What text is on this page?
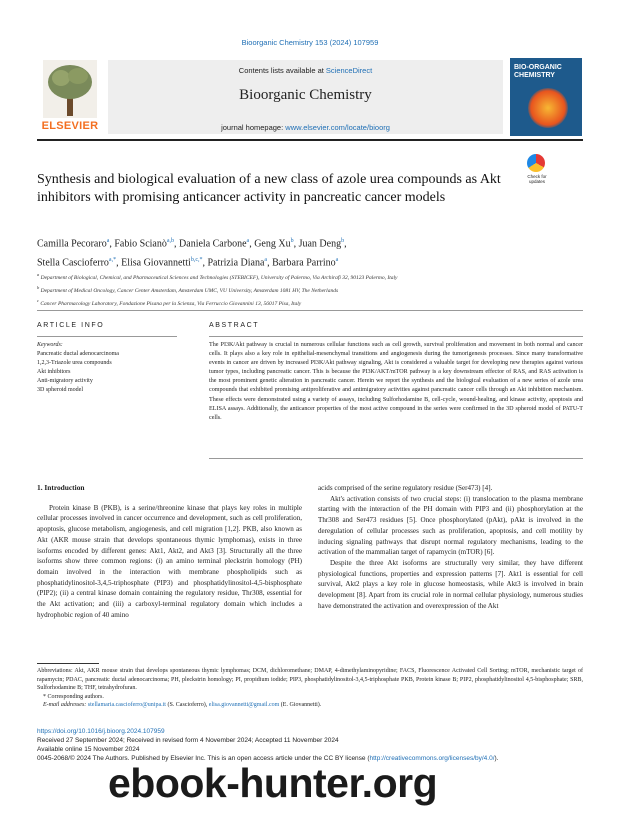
Bioorganic Chemistry 153 (2024) 107959
ELSEVIER
Contents lists available at ScienceDirect
Bioorganic Chemistry
journal homepage: www.elsevier.com/locate/bioorg
BIO-ORGANIC CHEMISTRY
Synthesis and biological evaluation of a new class of azole urea compounds as Akt inhibitors with promising anticancer activity in pancreatic cancer models
Check for updates
Camilla Pecoraro$^a$, Fabio Scianò$^{a,b}$, Daniela Carbone$^a$, Geng Xu$^b$, Juan Deng$^b$,
Stella Cascioferro$^{a,*}$, Elisa Giovannetti$^{b,c,*}$, Patrizia Diana$^a$, Barbara Parrino$^a$
$^a$ Department of Biological, Chemical, and Pharmaceutical Sciences and Technologies (STEBICEF), University of Palermo, Via Archirafi 32, 90123 Palermo, Italy
$^b$ Department of Medical Oncology, Cancer Center Amsterdam, Amsterdam UMC, VU University, Amsterdam 1081 HV, The Netherlands
$^c$ Cancer Pharmacology Laboratory, Fondazione Pisana per la Scienza, Via Ferruccio Giovannini 13, 56017 Pisa, Italy
ARTICLE INFO	ABSTRACT
Keywords:
Pancreatic ductal adenocarcinoma
1,2,3-Triazole urea compounds
Akt inhibitors
Anti-migratory activity
3D spheroid model
The PI3K/Akt pathway is crucial in numerous cellular functions such as cell growth, survival proliferation and movement in both normal and cancer cells. It plays also a key role in epithelial-mesenchymal transitions and angiogenesis during the tumorigenesis processes. Since many transformative events in cancer are driven by increased PI3K/Akt pathway signaling, Akt is considered a valuable target for developing new therapies against various tumor types, including pancreatic cancer. This is because the PI3K/AKT/mTOR pathway is a key downstream effector of RAS, and RAS activation is the most prominent genetic alteration in pancreatic cancer. Herein we report the synthesis and the biological evaluation of a new series of azole urea compounds that exhibited promising antiproliferative and antimigratory activities against pancreatic cancer cells through an Akt inhibition mechanism. These effects were demonstrated using a variety of assays, including Sulforhodamine B, cell-cycle, wound-healing, and kinase activity, apoptosis and ELISA assays. Additionally, the anticancer properties of the most active compound in the series were confirmed in the 3D spheroid model of PATU-T cells.
1. Introduction

Protein kinase B (PKB), is a serine/threonine kinase that plays key roles in multiple cellular processes involved in cancer occurrence and development, such as cell proliferation, apoptosis, glucose metabolism, angiogenesis, and cell migration [1,2]. PKB, also known as Akt (AKR mouse strain that develops spontaneous thymic lymphomas), exists in three isoforms encoded by different genes: Akt1, Akt2, and Akt3 [3]. Structurally all the three isoforms show three common regions: (i) an amino terminal pleckstrin homology (PH) domain involved in the interaction with membrane phospholipids such as phosphatidylinositol-3,4,5-triphosphate (PIP3) and phosphatidylinositol-4,5-bisphosphate (PIP2); (ii) a central kinase domain containing the regulatory residue, Thr308, essential for the Akt activation; and (iii) a carboxyl-terminal regulatory domain which includes a hydrophobic region of 40 amino

acids comprised of the serine regulatory residue (Ser473) [4].

Akt's activation consists of two crucial steps: (i) translocation to the plasma membrane starting with the interaction of the PH domain with PIP3 and (ii) phosphorylation at the Thr308 and Ser473 residues [5]. Once phosphorylated (pAkt), pAkt is involved in the deregulation of cellular processes such as proliferation, apoptosis, and cell motility by inducing signaling pathways that disrupt normal regulatory mechanisms, leading to the activation of the mammalian target of rapamycin (mTOR) [6].

Despite the three Akt isoforms are structurally very similar, they have different physiological functions, properties and expression patterns [7]. Akt1 is essential for cell survival, Akt2 plays a key role in glucose homeostasis, while Akt3 is involved in brain development [8]. Apart from its crucial role in normal cellular physiology, numerous studies have demonstrated the activation and overexpression of the Akt

Abbreviations: Akt, AKR mouse strain that develops spontaneous thymic lymphomas; DCM, dichloromethane; DMAP, 4-dimethylaminopyridine; FACS, Fluorescence Activated Cell Sorting; mTOR, mechanistic target of rapamycin; PDAC, pancreatic ductal adenocarcinoma; PH, pleckstrin homology; PI, propidium iodide; PIP3, phosphatidylinositol-3,4,5-triphosphate PKB, Protein kinase B; PIP2, phosphatidylinositol 4,5-bisphosphate; SRB, Sulforhodamine B; THF, tetrahydrofuran.

* Corresponding authors.

E-mail addresses: stellamaria.cascioferro@unipa.it (S. Cascioferro), elisa.giovannetti@gmail.com (E. Giovannetti).

https://doi.org/10.1016/j.bioorg.2024.107959

Received 27 September 2024; Received in revised form 4 November 2024; Accepted 11 November 2024

Available online 15 November 2024

0045-2068/© 2024 The Authors. Published by Elsevier Inc. This is an open access article under the CC BY license (http://creativecommons.org/licenses/by/4.0/).

ebook-hunter.org
